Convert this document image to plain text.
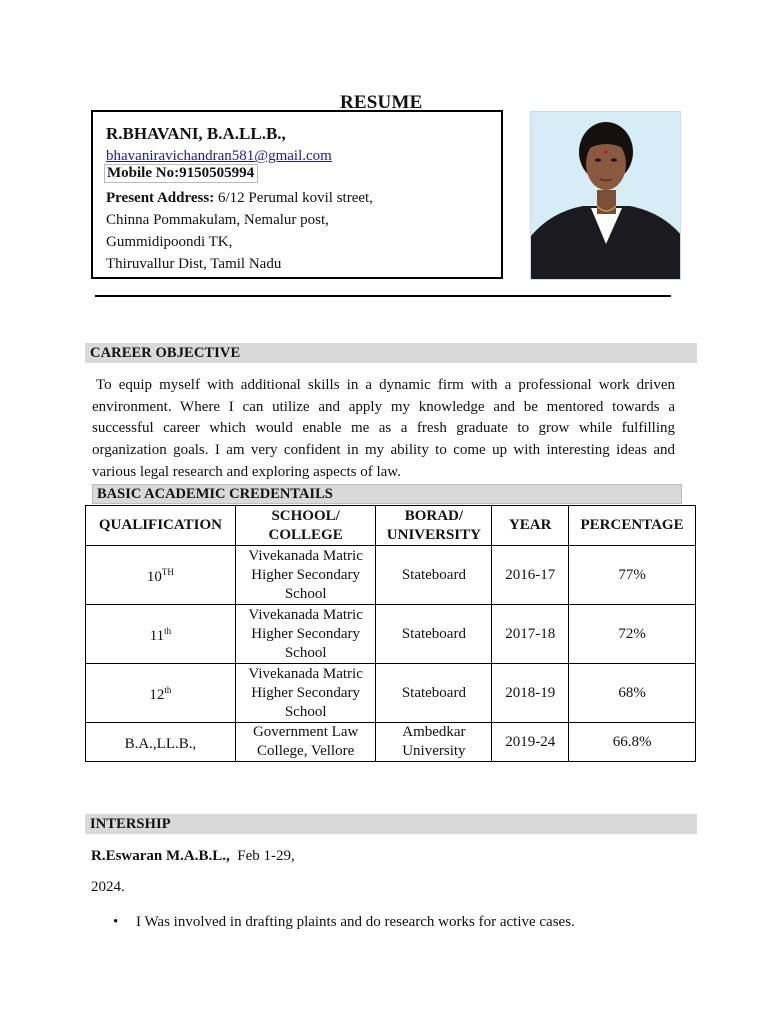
RESUME
R.BHAVANI, B.A.LL.B.,
bhavaniravichandran581@gmail.com
Mobile No:9150505994
Present Address: 6/12 Perumal kovil street,
Chinna Pommakulam, Nemalur post,
Gummidipoondi TK,
Thiruvallur Dist, Tamil Nadu
CAREER OBJECTIVE
To equip myself with additional skills in a dynamic firm with a professional work driven environment. Where I can utilize and apply my knowledge and be mentored towards a successful career which would enable me as a fresh graduate to grow while fulfilling organization goals. I am very confident in my ability to come up with interesting ideas and various legal research and exploring aspects of law.
BASIC ACADEMIC CREDENTAILS
QUALIFICATION	SCHOOL/ COLLEGE	BORAD/ UNIVERSITY	YEAR	PERCENTAGE
10TH	Vivekanada Matric Higher Secondary School	Stateboard	2016-17	77%
11th	Vivekanada Matric Higher Secondary School	Stateboard	2017-18	72%
12th	Vivekanada Matric Higher Secondary School	Stateboard	2018-19	68%
B.A.,LL.B.,	Government Law College, Vellore	Ambedkar University	2019-24	66.8%
INTERSHIP
R.Eswaran M.A.B.L., Feb 1-29,
2024.
• I Was involved in drafting plaints and do research works for active cases.
